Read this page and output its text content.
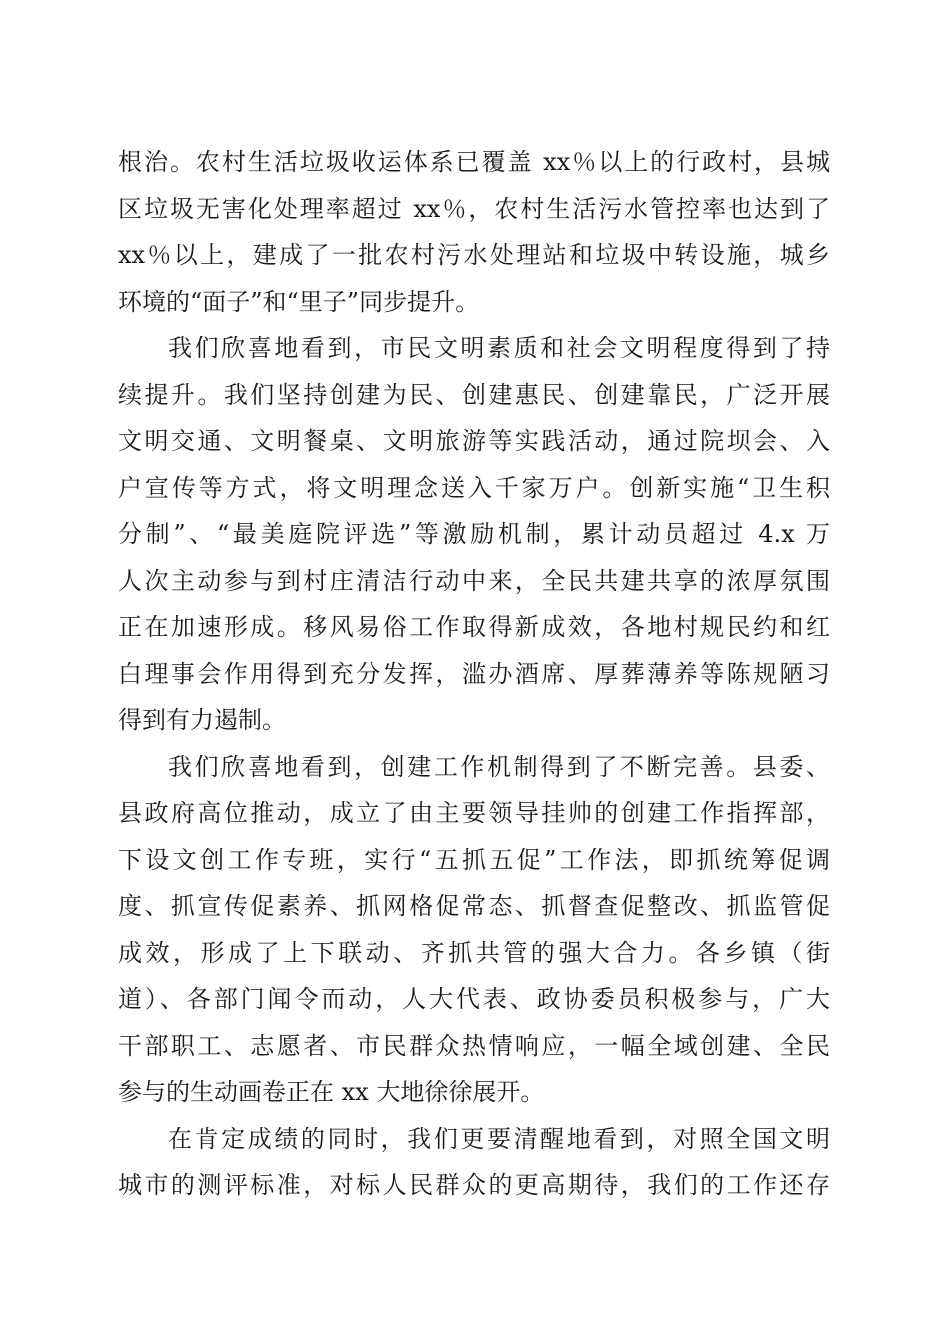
根治。农村生活垃圾收运体系已覆盖 xx％以上的行政村，县城
区垃圾无害化处理率超过 xx％，农村生活污水管控率也达到了
xx％以上，建成了一批农村污水处理站和垃圾中转设施，城乡
环境的“面子”和“里子”同步提升。
我们欣喜地看到，市民文明素质和社会文明程度得到了持
续提升。我们坚持创建为民、创建惠民、创建靠民，广泛开展
文明交通、文明餐桌、文明旅游等实践活动，通过院坝会、入
户宣传等方式，将文明理念送入千家万户。创新实施“卫生积
分制”、“最美庭院评选”等激励机制，累计动员超过 4.x 万
人次主动参与到村庄清洁行动中来，全民共建共享的浓厚氛围
正在加速形成。移风易俗工作取得新成效，各地村规民约和红
白理事会作用得到充分发挥，滥办酒席、厚葬薄养等陈规陋习
得到有力遏制。
我们欣喜地看到，创建工作机制得到了不断完善。县委、
县政府高位推动，成立了由主要领导挂帅的创建工作指挥部，
下设文创工作专班，实行“五抓五促”工作法，即抓统筹促调
度、抓宣传促素养、抓网格促常态、抓督查促整改、抓监管促
成效，形成了上下联动、齐抓共管的强大合力。各乡镇（街
道）、各部门闻令而动，人大代表、政协委员积极参与，广大
干部职工、志愿者、市民群众热情响应，一幅全域创建、全民
参与的生动画卷正在 xx 大地徐徐展开。
在肯定成绩的同时，我们更要清醒地看到，对照全国文明
城市的测评标准，对标人民群众的更高期待，我们的工作还存
